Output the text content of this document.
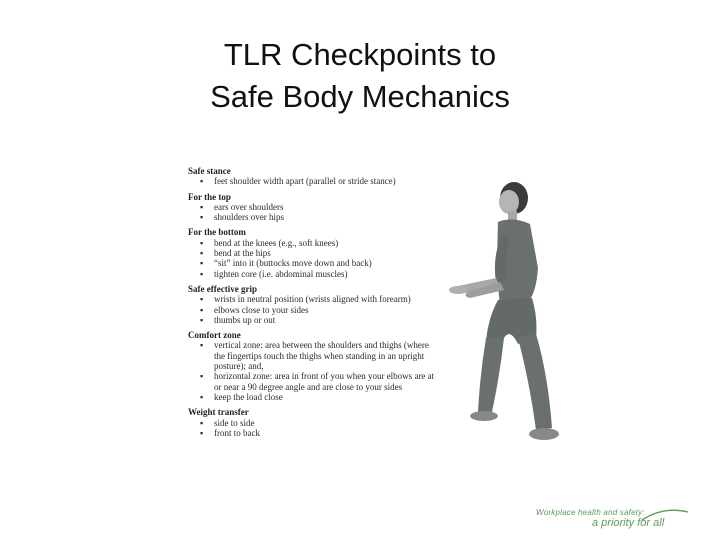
TLR Checkpoints to
Safe Body Mechanics
Safe stance
▪ feet shoulder width apart (parallel or stride stance)
For the top
▪ ears over shoulders
▪ shoulders over hips
For the bottom
▪ bend at the knees (e.g., soft knees)
▪ bend at the hips
▪ “sit” into it (buttocks move down and back)
▪ tighten core (i.e. abdominal muscles)
Safe effective grip
▪ wrists in neutral position (wrists aligned with forearm)
▪ elbows close to your sides
▪ thumbs up or out
Comfort zone
▪ vertical zone: area between the shoulders and thighs (where the fingertips touch the thighs when standing in an upright posture); and,
▪ horizontal zone: area in front of you when your elbows are at or near a 90 degree angle and are close to your sides
▪ keep the load close
Weight transfer
▪ side to side
▪ front to back
Workplace health and safety:
a priority for all
